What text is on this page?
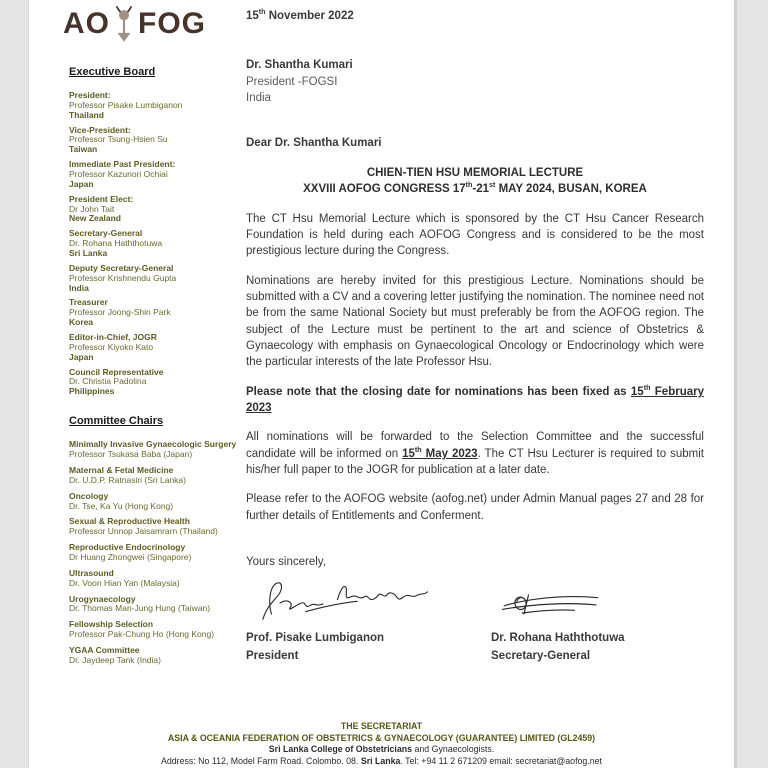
AO FOG
Executive Board
President:
Professor Pisake Lumbiganon
Thailand
Vice-President:
Professor Tsung-Hsien Su
Taiwan
Immediate Past President:
Professor Kazunori Ochiai
Japan
President Elect:
Dr John Tait
New Zealand
Secretary-General
Dr. Rohana Haththotuwa
Sri Lanka
Deputy Secretary-General
Professor Krishnendu Gupta
India
Treasurer
Professor Joong-Shin Park
Korea
Editor-in-Chief, JOGR
Professor Kiyoko Kato
Japan
Council Representative
Dr. Christia Padolina
Philippines
Committee Chairs
Minimally Invasive Gynaecologic Surgery
Professor Tsukasa Baba (Japan)
Maternal & Fetal Medicine
Dr. U.D.P. Ratnasiri (Sri Lanka)
Oncology
Dr. Tse, Ka Yu (Hong Kong)
Sexual & Reproductive Health
Professor Unnop Jaisamrarn (Thailand)
Reproductive Endocrinology
Dr Huang Zhongwei (Singapore)
Ultrasound
Dr. Voon Hian Yan (Malaysia)
Urogynaecology
Dr. Thomas Man-Jung Hung (Taiwan)
Fellowship Selection
Professor Pak-Chung Ho (Hong Kong)
YGAA Committee
Dr. Jaydeep Tank (India)
15th November 2022
Dr. Shantha Kumari
President -FOGSI
India
Dear Dr. Shantha Kumari
CHIEN-TIEN HSU MEMORIAL LECTURE
XXVIII AOFOG CONGRESS 17th-21st MAY 2024, BUSAN, KOREA
The CT Hsu Memorial Lecture which is sponsored by the CT Hsu Cancer Research Foundation is held during each AOFOG Congress and is considered to be the most prestigious lecture during the Congress.
Nominations are hereby invited for this prestigious Lecture. Nominations should be submitted with a CV and a covering letter justifying the nomination. The nominee need not be from the same National Society but must preferably be from the AOFOG region. The subject of the Lecture must be pertinent to the art and science of Obstetrics & Gynaecology with emphasis on Gynaecological Oncology or Endocrinology which were the particular interests of the late Professor Hsu.
Please note that the closing date for nominations has been fixed as 15th February 2023
All nominations will be forwarded to the Selection Committee and the successful candidate will be informed on 15th May 2023. The CT Hsu Lecturer is required to submit his/her full paper to the JOGR for publication at a later date.
Please refer to the AOFOG website (aofog.net) under Admin Manual pages 27 and 28 for further details of Entitlements and Conferment.
Yours sincerely,
Prof. Pisake Lumbiganon
President
Dr. Rohana Haththotuwa
Secretary-General
THE SECRETARIAT
ASIA & OCEANIA FEDERATION OF OBSTETRICS & GYNAECOLOGY (GUARANTEE) LIMITED (GL2459)
Sri Lanka College of Obstetricians and Gynaecologists.
Address: No 112, Model Farm Road. Colombo. 08. Sri Lanka. Tel: +94 11 2 671209 email: secretariat@aofog.net
